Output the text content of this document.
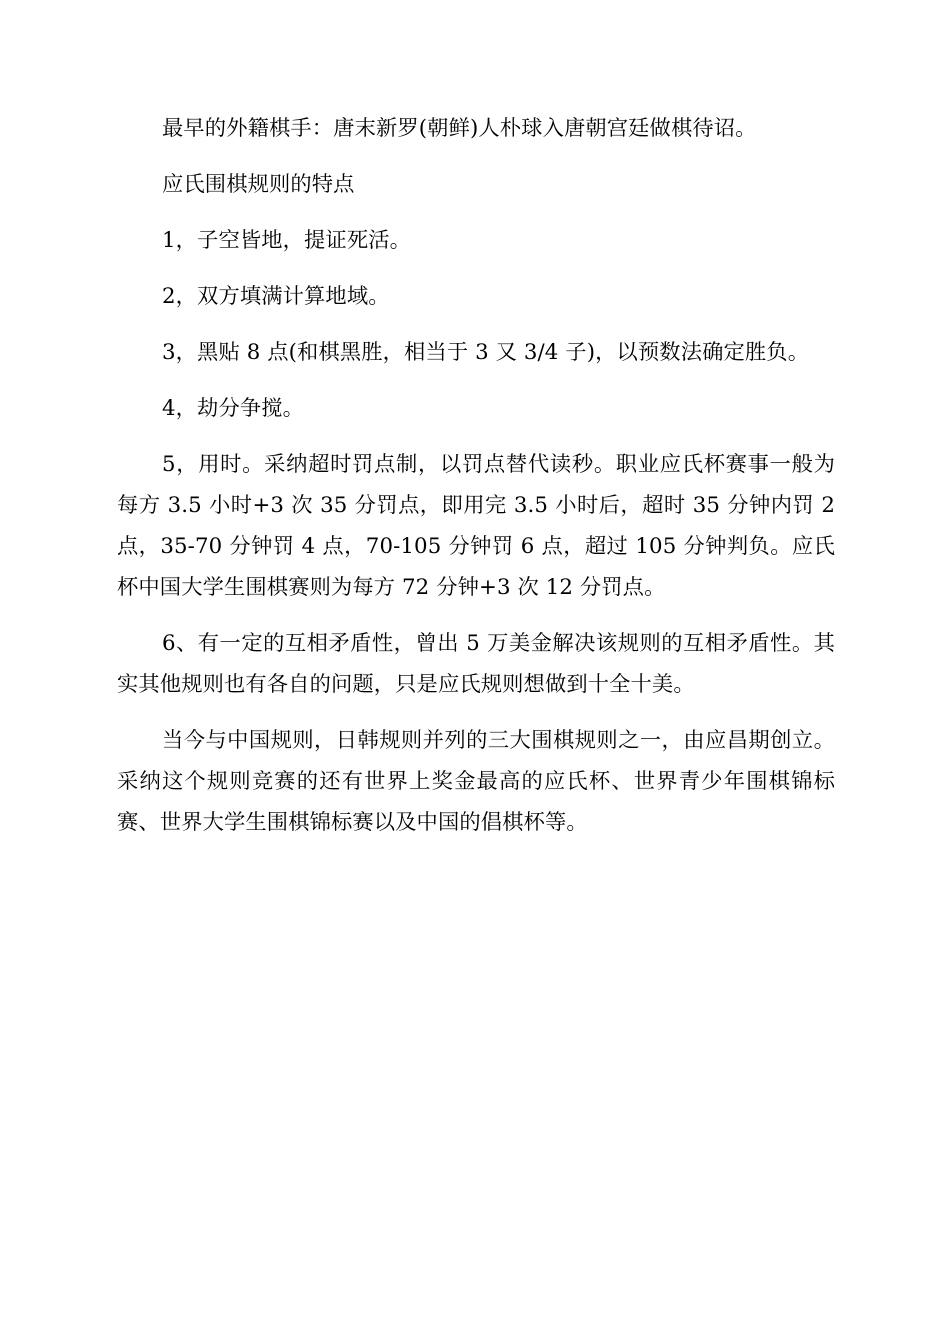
最早的外籍棋手：唐末新罗(朝鲜)人朴球入唐朝宫廷做棋待诏。

应氏围棋规则的特点

1，子空皆地，提证死活。

2，双方填满计算地域。

3，黑贴 8 点(和棋黑胜，相当于 3 又 3/4 子)，以预数法确定胜负。

4，劫分争搅。

5，用时。采纳超时罚点制，以罚点替代读秒。职业应氏杯赛事一般为每方 3.5 小时+3 次 35 分罚点，即用完 3.5 小时后，超时 35 分钟内罚 2 点，35-70 分钟罚 4 点，70-105 分钟罚 6 点，超过 105 分钟判负。应氏杯中国大学生围棋赛则为每方 72 分钟+3 次 12 分罚点。

6、有一定的互相矛盾性，曾出 5 万美金解决该规则的互相矛盾性。其实其他规则也有各自的问题，只是应氏规则想做到十全十美。

当今与中国规则，日韩规则并列的三大围棋规则之一，由应昌期创立。采纳这个规则竞赛的还有世界上奖金最高的应氏杯、世界青少年围棋锦标赛、世界大学生围棋锦标赛以及中国的倡棋杯等。
